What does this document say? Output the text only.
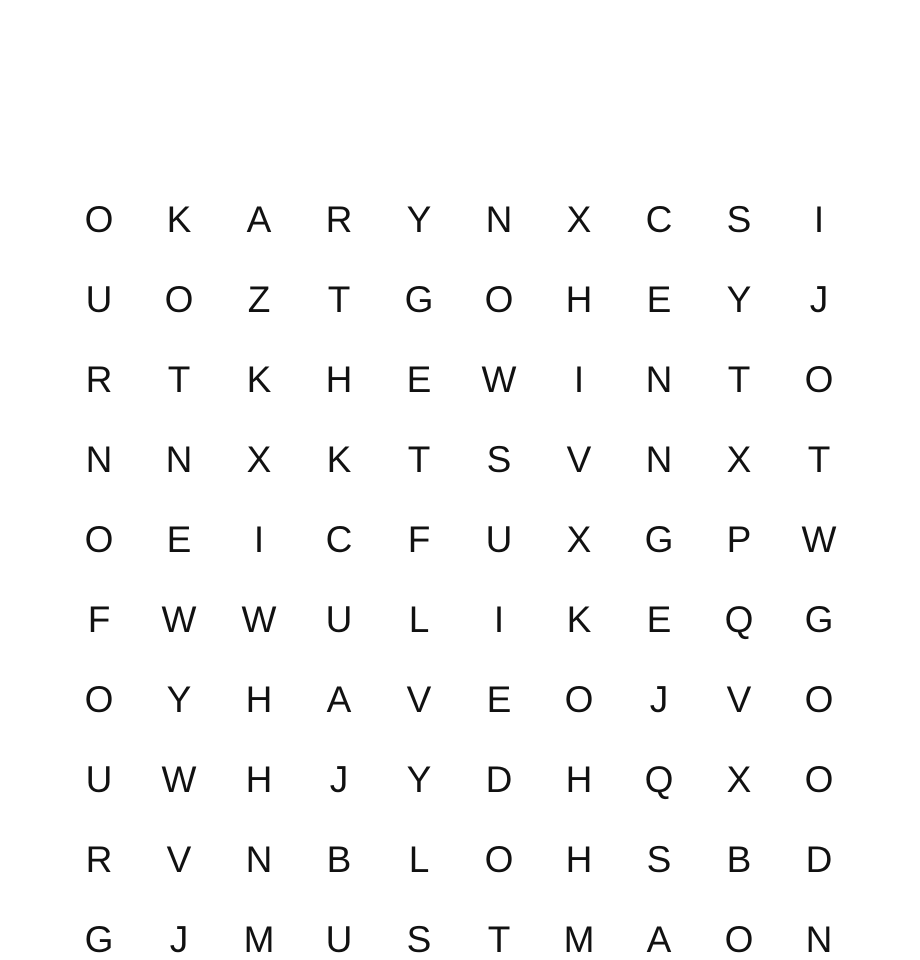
O	K	A	R	Y	N	X	C	S	I
U	O	Z	T	G	O	H	E	Y	J
R	T	K	H	E	W	I	N	T	O
N	N	X	K	T	S	V	N	X	T
O	E	I	C	F	U	X	G	P	W
F	W	W	U	L	I	K	E	Q	G
O	Y	H	A	V	E	O	J	V	O
U	W	H	J	Y	D	H	Q	X	O
R	V	N	B	L	O	H	S	B	D
G	J	M	U	S	T	M	A	O	N
